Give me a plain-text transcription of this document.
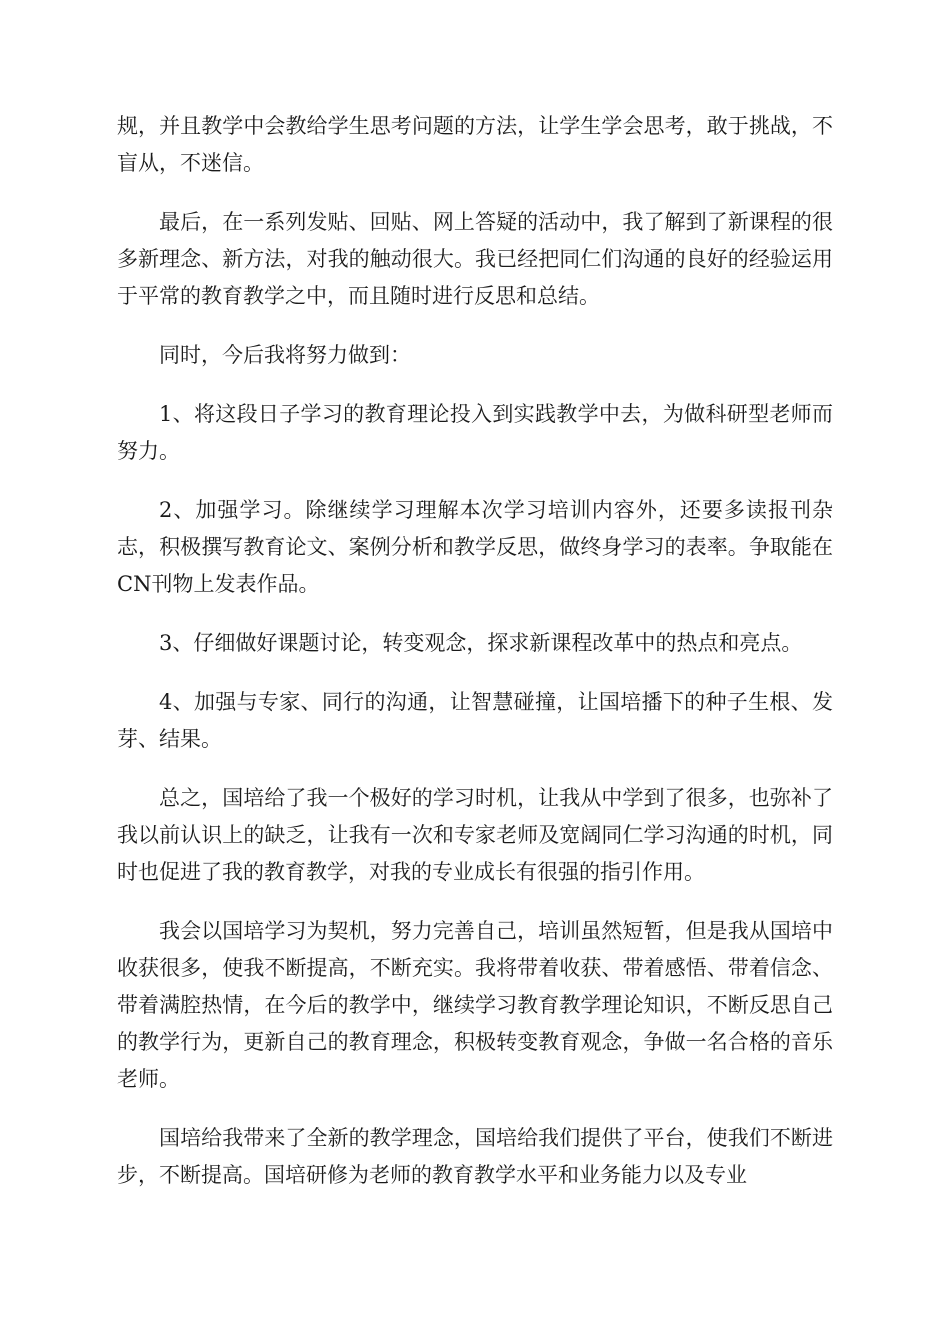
规，并且教学中会教给学生思考问题的方法，让学生学会思考，敢于挑战，不盲从，不迷信。

最后，在一系列发贴、回贴、网上答疑的活动中，我了解到了新课程的很多新理念、新方法，对我的触动很大。我已经把同仁们沟通的良好的经验运用于平常的教育教学之中，而且随时进行反思和总结。

同时，今后我将努力做到：

1、将这段日子学习的教育理论投入到实践教学中去，为做科研型老师而努力。

2、加强学习。除继续学习理解本次学习培训内容外，还要多读报刊杂志，积极撰写教育论文、案例分析和教学反思，做终身学习的表率。争取能在CN刊物上发表作品。

3、仔细做好课题讨论，转变观念，探求新课程改革中的热点和亮点。

4、加强与专家、同行的沟通，让智慧碰撞，让国培播下的种子生根、发芽、结果。

总之，国培给了我一个极好的学习时机，让我从中学到了很多，也弥补了我以前认识上的缺乏，让我有一次和专家老师及宽阔同仁学习沟通的时机，同时也促进了我的教育教学，对我的专业成长有很强的指引作用。

我会以国培学习为契机，努力完善自己，培训虽然短暂，但是我从国培中收获很多，使我不断提高，不断充实。我将带着收获、带着感悟、带着信念、带着满腔热情，在今后的教学中，继续学习教育教学理论知识，不断反思自己的教学行为，更新自己的教育理念，积极转变教育观念，争做一名合格的音乐老师。

国培给我带来了全新的教学理念，国培给我们提供了平台，使我们不断进步，不断提高。国培研修为老师的教育教学水平和业务能力以及专业
